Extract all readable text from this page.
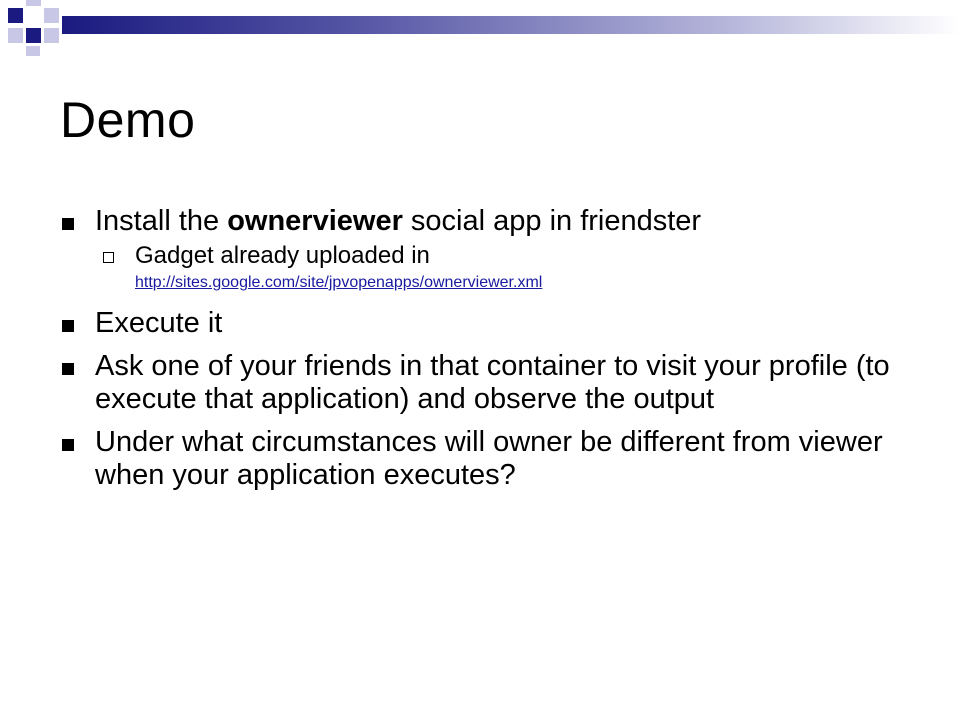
Demo
Install the ownerviewer social app in friendster
Gadget already uploaded in
http://sites.google.com/site/jpvopenapps/ownerviewer.xml
Execute it
Ask one of your friends in that container to visit your profile (to execute that application) and observe the output
Under what circumstances will owner be different from viewer when your application executes?
